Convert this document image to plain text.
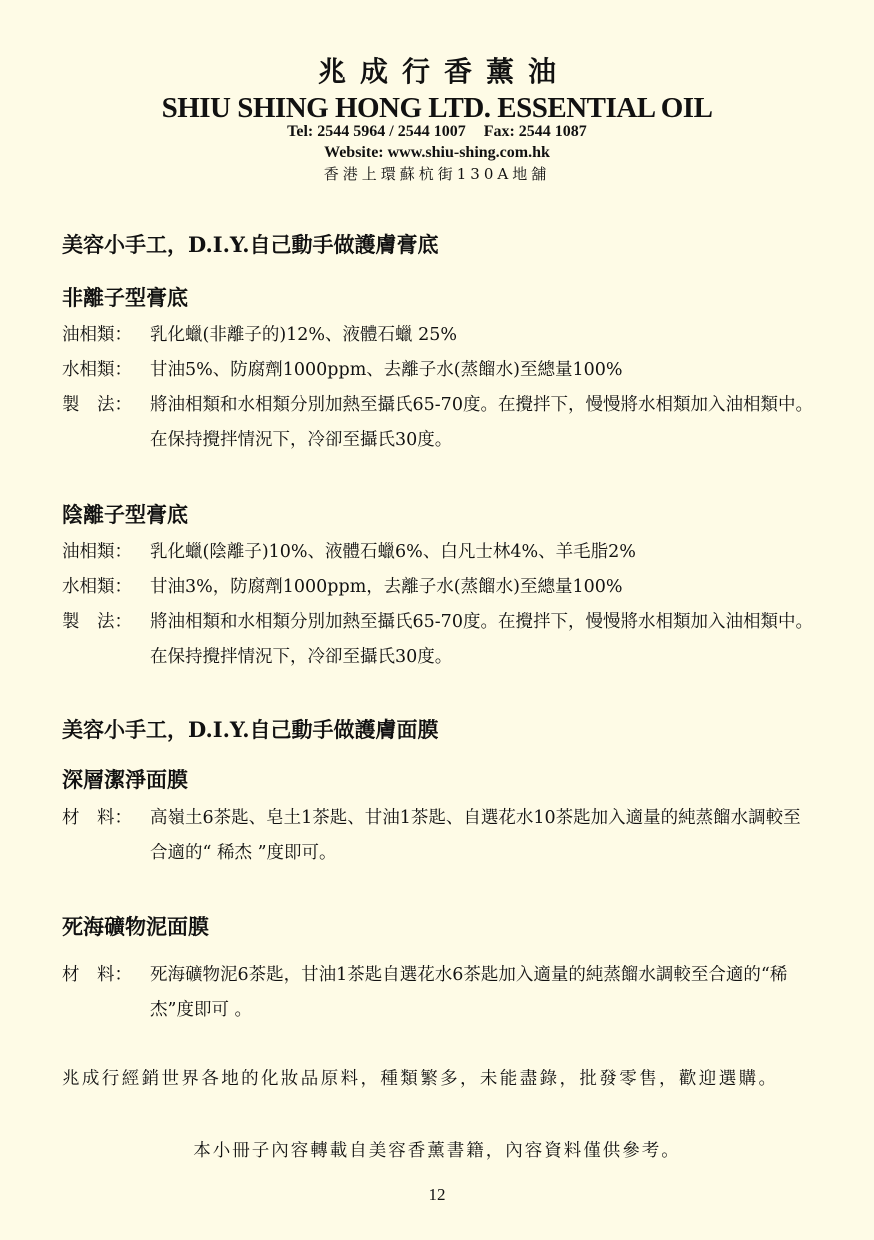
兆成行香薰油
SHIU SHING HONG LTD. ESSENTIAL OIL
Tel: 2544 5964 / 2544 1007 Fax: 2544 1087
Website: www.shiu-shing.com.hk
香港上環蘇杭街130A地舖
美容小手工，D.I.Y.自己動手做護膚膏底
非離子型膏底
油相類：	乳化蠟(非離子的)12%、液體石蠟 25%
水相類：	甘油5%、防腐劑1000ppm、去離子水(蒸餾水)至總量100%
製　法：	將油相類和水相類分別加熱至攝氏65-70度。在攪拌下，慢慢將水相類加入油相類中。在保持攪拌情況下，冷卻至攝氏30度。
陰離子型膏底
油相類：	乳化蠟(陰離子)10%、液體石蠟6%、白凡士林4%、羊毛脂2%
水相類：	甘油3%，防腐劑1000ppm，去離子水(蒸餾水)至總量100%
製　法：	將油相類和水相類分別加熱至攝氏65-70度。在攪拌下，慢慢將水相類加入油相類中。在保持攪拌情況下，冷卻至攝氏30度。
美容小手工，D.I.Y.自己動手做護膚面膜
深層潔淨面膜
材　料：	高嶺土6茶匙、皂土1茶匙、甘油1茶匙、自選花水10茶匙加入適量的純蒸餾水調較至合適的“ 稀杰 ”度即可。
死海礦物泥面膜
材　料：	死海礦物泥6茶匙，甘油1茶匙自選花水6茶匙加入適量的純蒸餾水調較至合適的“稀杰”度即可 。
兆成行經銷世界各地的化妝品原料，種類繁多，未能盡錄，批發零售，歡迎選購。
本小冊子內容轉載自美容香薰書籍，內容資料僅供參考。
12
